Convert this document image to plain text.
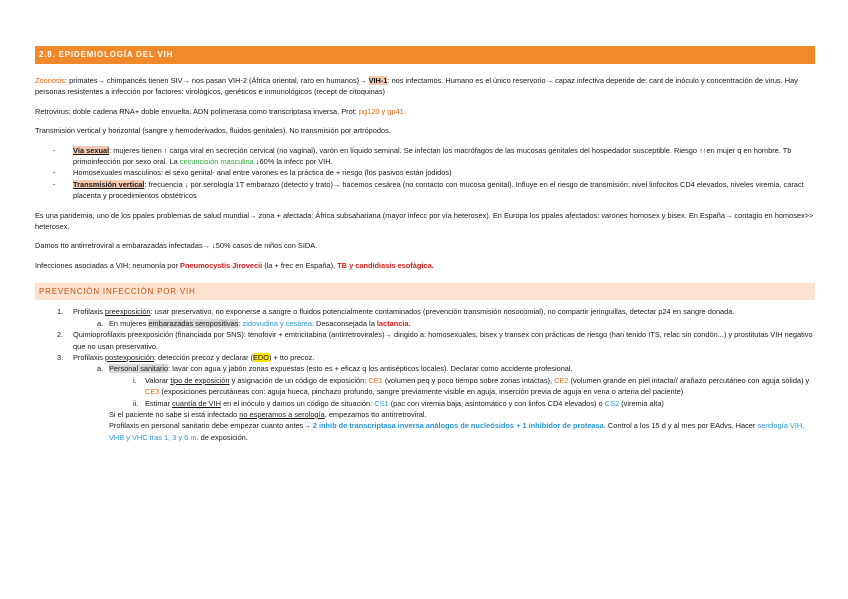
2.8. EPIDEMIOLOGÍA DEL VIH

Zoonosis: primates→ chimpancés tienen SIV→ nos pasan VIH-2 (África oriental, raro en humanos)→ VIH-1: nos infectamos. Humano es el único reservorio→ capaz infectiva depende de: cant de inóculo y concentración de virus. Hay personas resistentes a infección por factores: virológicos, genéticos e inmunológicos (recept de citoquinas)

Retrovirus: doble cadena RNA+ doble envuelta. ADN polimerasa como transcriptasa inversa. Prot: pg120 y gp41.

Transmisión vertical y horizontal (sangre y hemoderivados, fluidos genitales). No transmisión por artrópodos.

- Vía sexual: mujeres tienen ↑ carga viral en secreción cervical (no vaginal), varón en líquido seminal. Se infectan los macrófagos de las mucosas genitales del hospedador susceptible. Riesgo ↑↑en mujer q en hombre. Tb primoinfección por sexo oral. La circuncisión masculina ↓60% la infecc por VIH.
- Homosexuales masculinos: el sexo genital- anal entre varones es la práctica de + riesgo (los pasivos están jodidos)
- Transmisión vertical: frecuencia ↓ por serología 1T embarazo (detecto y trato)→ hacemos cesárea (no contacto con mucosa genital). Influye en el riesgo de transmisión: nivel linfocitos CD4 elevados, niveles viremia, caract placenta y procedimientos obstétricos

Es una pandemia, uno de los ppales problemas de salud mundial→ zona + afectada: África subsahariana (mayor infecc por vía heterosex). En Europa los ppales afectados: varones homosex y bisex. En España→ contagio en homosex>> heterosex.

Damos tto antirretroviral a embarazadas infectadas→ ↓50% casos de niños con SIDA.

Infecciones asociadas a VIH: neumonía por Pneumocystis Jirovecii (la + frec en España), TB y candidiasis esofágica.

PREVENCIÓN INFECCIÓN POR VIH
1. Profilaxis preexposición: usar preservativo, no exponerse a sangre o fluidos potencialmente contaminados (prevención transmisión nosocomial), no compartir jeringuillas, detectar p24 en sangre donada.
a. En mujeres embarazadas seropositivas: zidovudina y cesárea. Desaconsejada la lactancia.
2. Quimioprofilaxis preexposición (financiada por SNS): tenofovir + emtricitabina (antirretrovirales)→ dirigido a: homosexuales, bisex y transex con prácticas de riesgo (han tenido ITS, relac sin condón...) y prostitutas VIH negativo que no usan preservativo.
3. Profilaxis postexposición: detección precoz y declarar (EDO) + tto precoz.
a. Personal sanitario: lavar con agua y jabón zonas expuestas (esto es + eficaz q los antisépticos locales). Declarar como accidente profesional.
i. Valorar tipo de exposición y asignación de un código de exposición: CE1 (volumen peq y poco tiempo sobre zonas intactas), CE2 (volumen grande en piel intacta// arañazo percutáneo con aguja sólida) y CE3 (exposiciones percutáneas con: aguja hueca, pinchazo profundo, sangre previamente visible en aguja, inserción previa de aguja en vena o arteria del paciente)
ii. Estimar cuantía de VIH en el inóculo y damos un código de situación: CS1 (pac con viremia baja, asintomático y con linfos CD4 elevados) o CS2 (viremia alta)

Si el paciente no sabe si está infectado no esperamos a serología, empezamos tto antirretroviral.

Profilaxis en personal sanitario debe empezar cuanto antes→ 2 inhib de transcriptasa inversa análogos de nucleósidos + 1 inhibidor de proteasa. Control a los 15 d y al mes por EAdvs. Hacer serología VIH, VHB y VHC tras 1, 3 y 6 m. de exposición.
